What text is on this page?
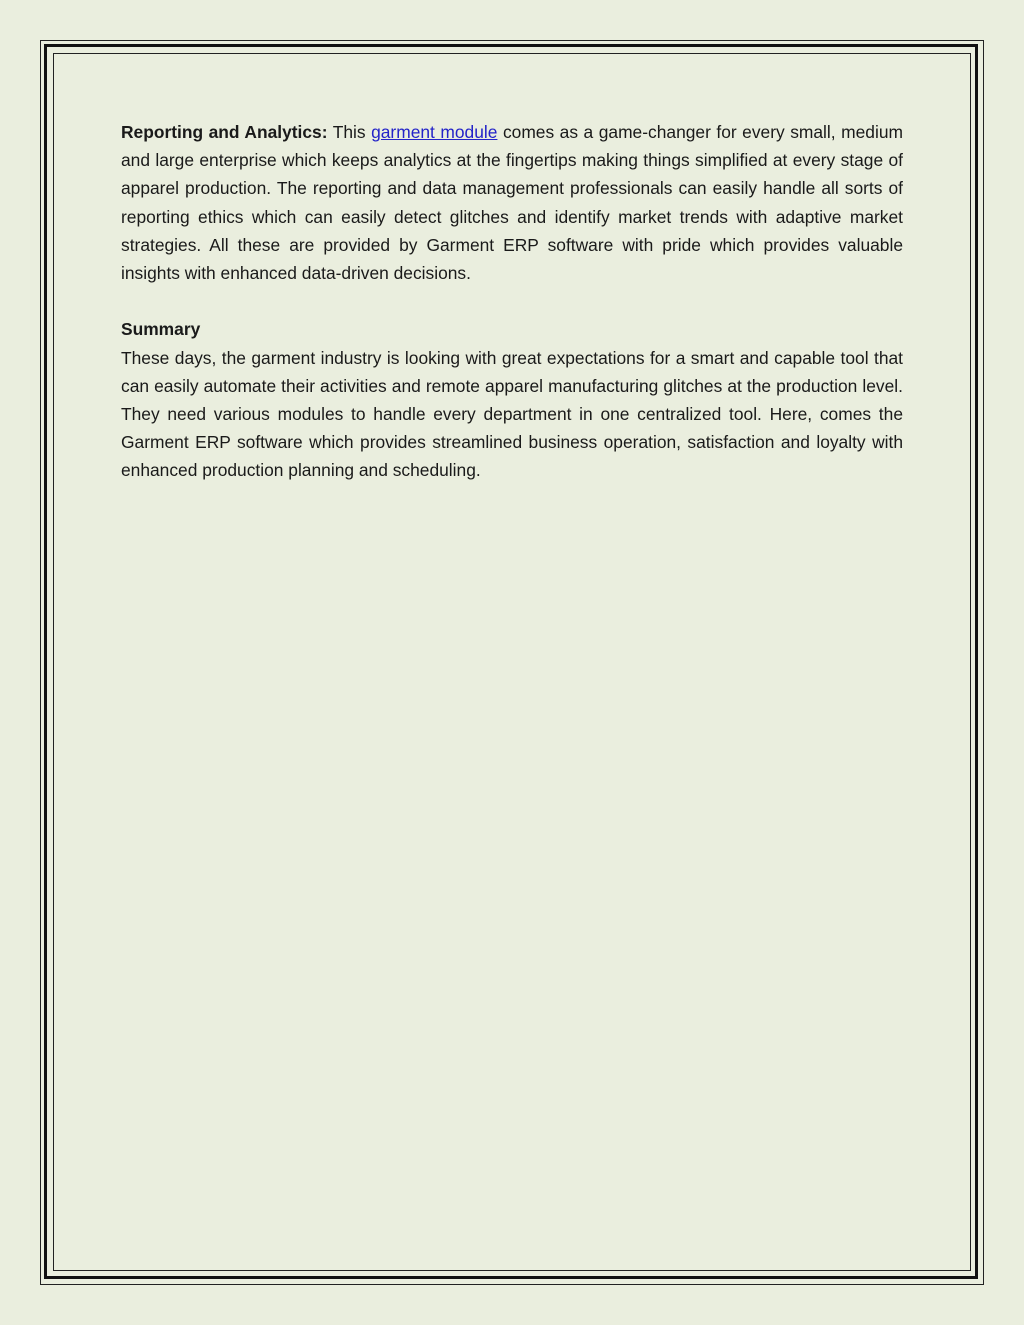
Reporting and Analytics: This garment module comes as a game-changer for every small, medium and large enterprise which keeps analytics at the fingertips making things simplified at every stage of apparel production. The reporting and data management professionals can easily handle all sorts of reporting ethics which can easily detect glitches and identify market trends with adaptive market strategies. All these are provided by Garment ERP software with pride which provides valuable insights with enhanced data-driven decisions.

Summary

These days, the garment industry is looking with great expectations for a smart and capable tool that can easily automate their activities and remote apparel manufacturing glitches at the production level. They need various modules to handle every department in one centralized tool. Here, comes the Garment ERP software which provides streamlined business operation, satisfaction and loyalty with enhanced production planning and scheduling.
